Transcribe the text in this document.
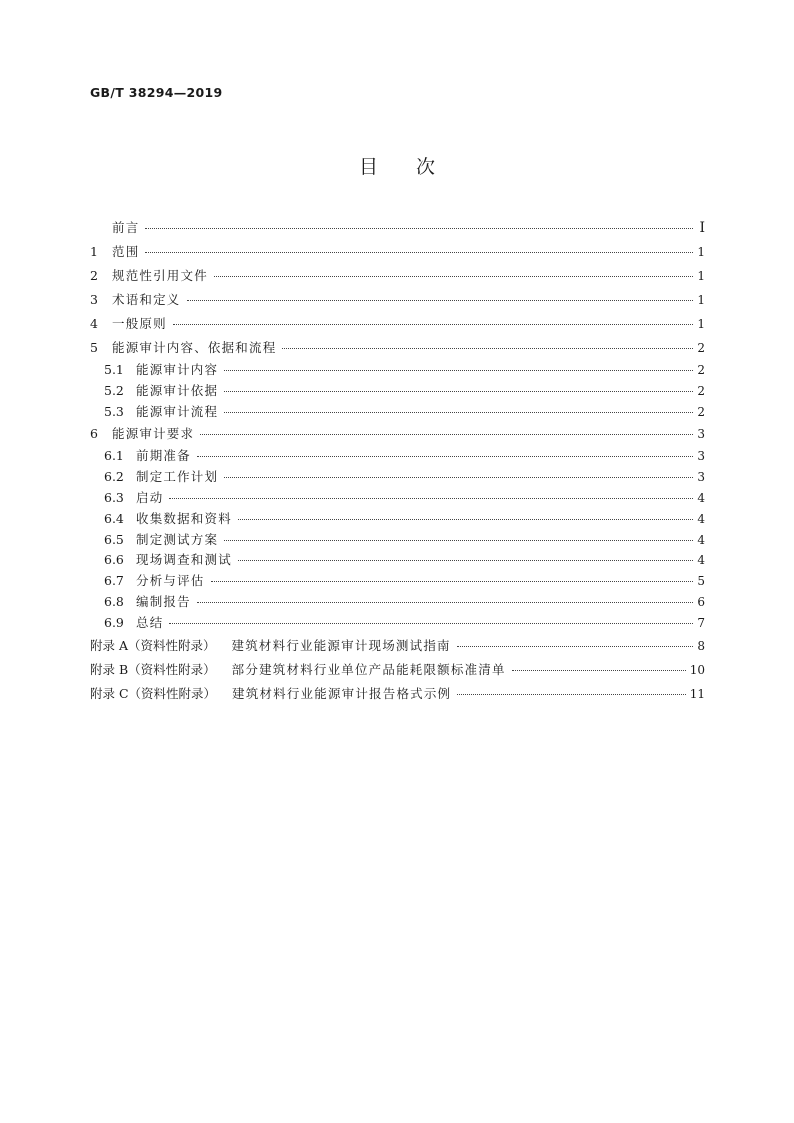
GB/T 38294—2019
目次
前言	Ⅰ
1	范围	1
2	规范性引用文件	1
3	术语和定义	1
4	一般原则	1
5	能源审计内容、依据和流程	2
5.1 能源审计内容	2
5.2 能源审计依据	2
5.3 能源审计流程	2
6	能源审计要求	3
6.1 前期准备	3
6.2 制定工作计划	3
6.3 启动	4
6.4 收集数据和资料	4
6.5 制定测试方案	4
6.6 现场调查和测试	4
6.7 分析与评估	5
6.8 编制报告	6
6.9 总结	7
附录 A（资料性附录） 建筑材料行业能源审计现场测试指南	8
附录 B（资料性附录） 部分建筑材料行业单位产品能耗限额标准清单	10
附录 C（资料性附录） 建筑材料行业能源审计报告格式示例	11
